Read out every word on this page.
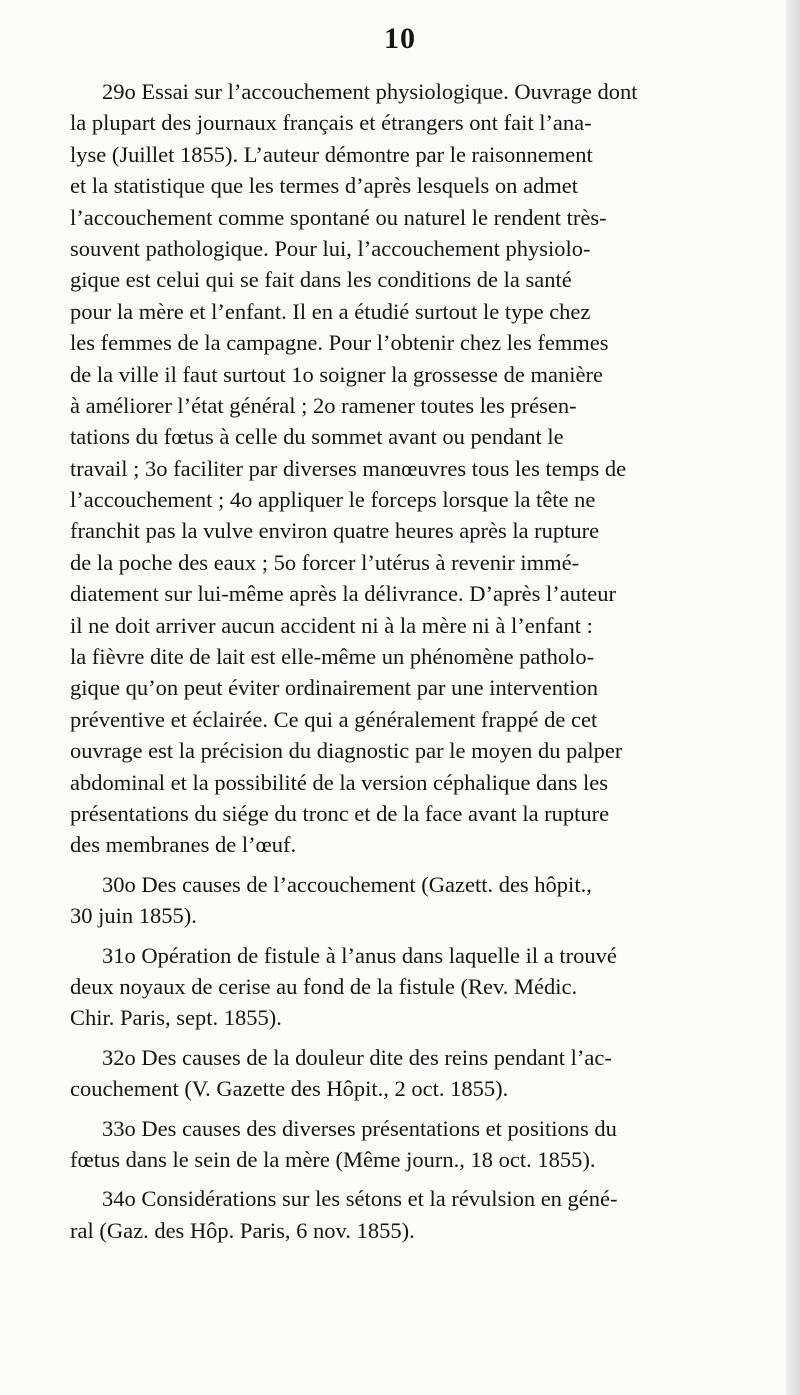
10
29o Essai sur l’accouchement physiologique. Ouvrage dont
la plupart des journaux français et étrangers ont fait l’ana-
lyse (Juillet 1855). L’auteur démontre par le raisonnement
et la statistique que les termes d’après lesquels on admet
l’accouchement comme spontané ou naturel le rendent très-
souvent pathologique. Pour lui, l’accouchement physiolo-
gique est celui qui se fait dans les conditions de la santé
pour la mère et l’enfant. Il en a étudié surtout le type chez
les femmes de la campagne. Pour l’obtenir chez les femmes
de la ville il faut surtout 1o soigner la grossesse de manière
à améliorer l’état général ; 2o ramener toutes les présen-
tations du fœtus à celle du sommet avant ou pendant le
travail ; 3o faciliter par diverses manœuvres tous les temps de
l’accouchement ; 4o appliquer le forceps lorsque la tête ne
franchit pas la vulve environ quatre heures après la rupture
de la poche des eaux ; 5o forcer l’utérus à revenir immé-
diatement sur lui-même après la délivrance. D’après l’auteur
il ne doit arriver aucun accident ni à la mère ni à l’enfant :
la fièvre dite de lait est elle-même un phénomène patholo-
gique qu’on peut éviter ordinairement par une intervention
préventive et éclairée. Ce qui a généralement frappé de cet
ouvrage est la précision du diagnostic par le moyen du palper
abdominal et la possibilité de la version céphalique dans les
présentations du siége du tronc et de la face avant la rupture
des membranes de l’œuf.
30o Des causes de l’accouchement (Gazett. des hôpit.,
30 juin 1855).
31o Opération de fistule à l’anus dans laquelle il a trouvé
deux noyaux de cerise au fond de la fistule (Rev. Médic.
Chir. Paris, sept. 1855).
32o Des causes de la douleur dite des reins pendant l’ac-
couchement (V. Gazette des Hôpit., 2 oct. 1855).
33o Des causes des diverses présentations et positions du
fœtus dans le sein de la mère (Même journ., 18 oct. 1855).
34o Considérations sur les sétons et la révulsion en géné-
ral (Gaz. des Hôp. Paris, 6 nov. 1855).
